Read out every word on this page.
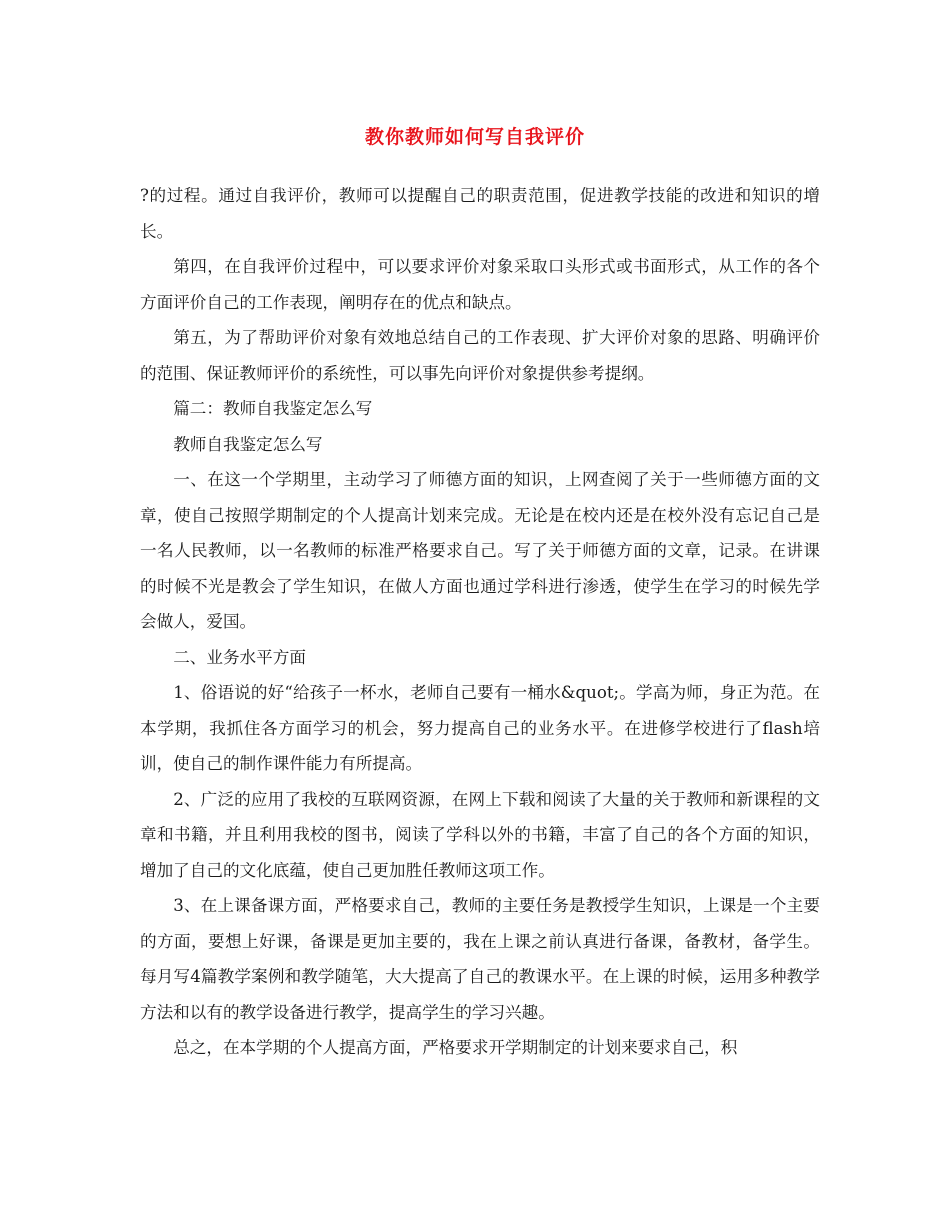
教你教师如何写自我评价

?的过程。通过自我评价，教师可以提醒自己的职责范围，促进教学技能的改进和知识的增长。

第四，在自我评价过程中，可以要求评价对象采取口头形式或书面形式，从工作的各个方面评价自己的工作表现，阐明存在的优点和缺点。

第五，为了帮助评价对象有效地总结自己的工作表现、扩大评价对象的思路、明确评价的范围、保证教师评价的系统性，可以事先向评价对象提供参考提纲。

篇二：教师自我鉴定怎么写

教师自我鉴定怎么写

一、在这一个学期里，主动学习了师德方面的知识，上网查阅了关于一些师德方面的文章，使自己按照学期制定的个人提高计划来完成。无论是在校内还是在校外没有忘记自己是一名人民教师，以一名教师的标准严格要求自己。写了关于师德方面的文章，记录。在讲课的时候不光是教会了学生知识，在做人方面也通过学科进行渗透，使学生在学习的时候先学会做人，爱国。

二、业务水平方面

1、俗语说的好“给孩子一杯水，老师自己要有一桶水&quot;。学高为师，身正为范。在本学期，我抓住各方面学习的机会，努力提高自己的业务水平。在进修学校进行了flash培训，使自己的制作课件能力有所提高。

2、广泛的应用了我校的互联网资源，在网上下载和阅读了大量的关于教师和新课程的文章和书籍，并且利用我校的图书，阅读了学科以外的书籍，丰富了自己的各个方面的知识，增加了自己的文化底蕴，使自己更加胜任教师这项工作。

3、在上课备课方面，严格要求自己，教师的主要任务是教授学生知识，上课是一个主要的方面，要想上好课，备课是更加主要的，我在上课之前认真进行备课，备教材，备学生。每月写4篇教学案例和教学随笔，大大提高了自己的教课水平。在上课的时候，运用多种教学方法和以有的教学设备进行教学，提高学生的学习兴趣。

总之，在本学期的个人提高方面，严格要求开学期制定的计划来要求自己，积
